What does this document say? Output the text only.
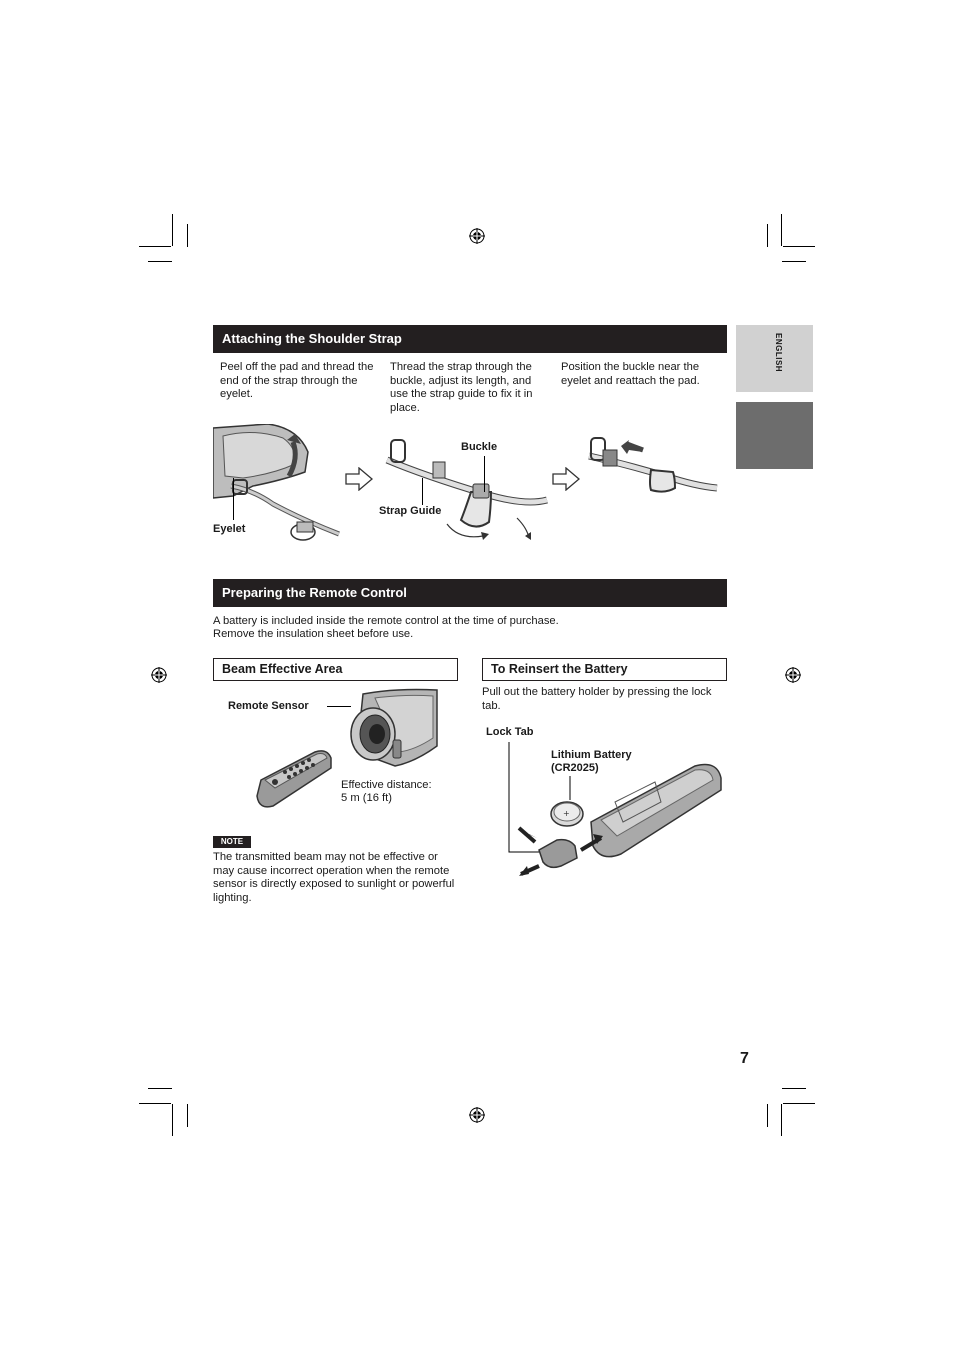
ENGLISH
Attaching the Shoulder Strap
Peel off the pad and thread the end of the strap through the eyelet.
Thread the strap through the buckle, adjust its length, and use the strap guide to fix it in place.
Position the buckle near the eyelet and reattach the pad.
Eyelet
Buckle
Strap Guide
Preparing the Remote Control
A battery is included inside the remote control at the time of purchase.
Remove the insulation sheet before use.
Beam Effective Area
Remote Sensor
Effective distance:
5 m (16 ft)
NOTE
The transmitted beam may not be effective or may cause incorrect operation when the remote sensor is directly exposed to sunlight or powerful lighting.
To Reinsert the Battery
Pull out the battery holder by pressing the lock tab.
Lock Tab
Lithium Battery
(CR2025)
+
7
